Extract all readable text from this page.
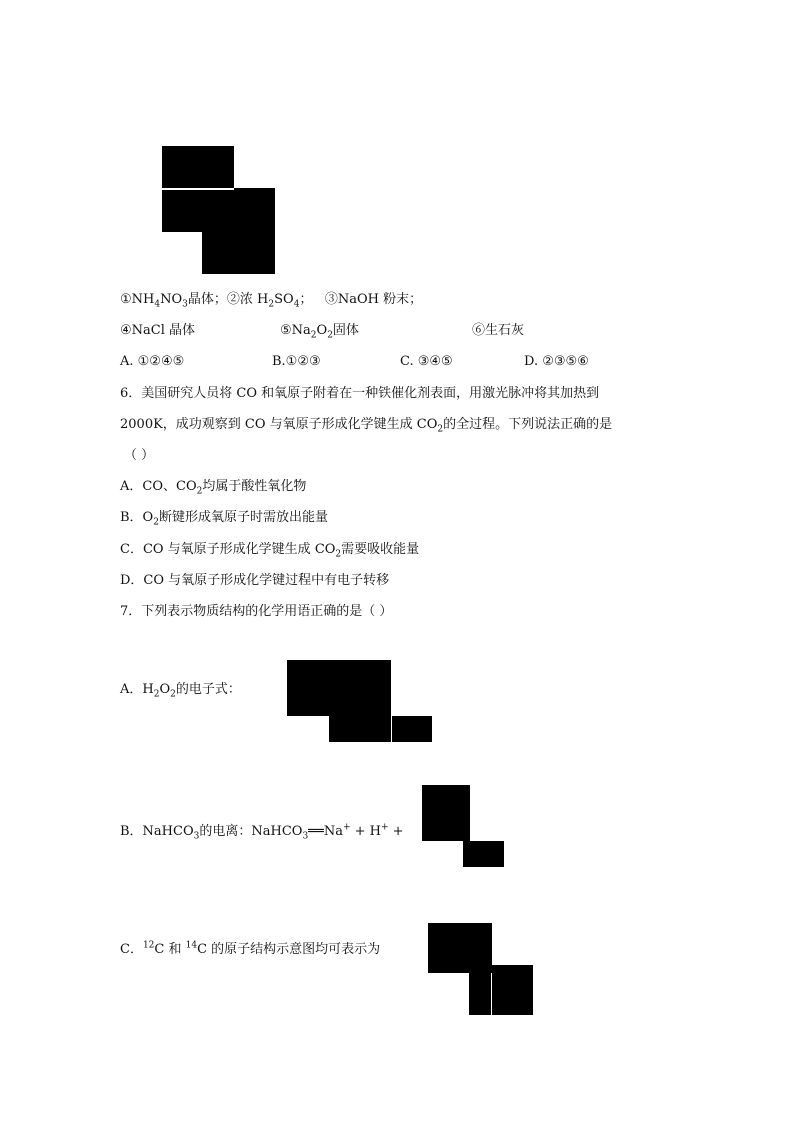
$①NH_4NO_3$晶体；②浓 $H_2SO_4$； ③NaOH 粉末；
④NaCl 晶体	$⑤Na_2O_2$固体	⑥生石灰
A. ①②④⑤	B.①②③	C. ③④⑤	D. ②③⑤⑥
6．美国研究人员将 CO 和氧原子附着在一种铁催化剂表面，用激光脉冲将其加热到
2000K，成功观察到 CO 与氧原子形成化学键生成 $CO_2$的全过程。下列说法正确的是
（ ）
A．CO、$CO_2$均属于酸性氧化物
B．$O_2$断键形成氧原子时需放出能量
C．CO 与氧原子形成化学键生成 $CO_2$需要吸收能量
D．CO 与氧原子形成化学键过程中有电子转移
7．下列表示物质结构的化学用语正确的是（ ）
A．$H_2O_2$的电子式：
B．NaHCO$_3$的电离：NaHCO$_3$══Na+ + H+ +
C．$^{12}$C 和 $^{14}$C 的原子结构示意图均可表示为
